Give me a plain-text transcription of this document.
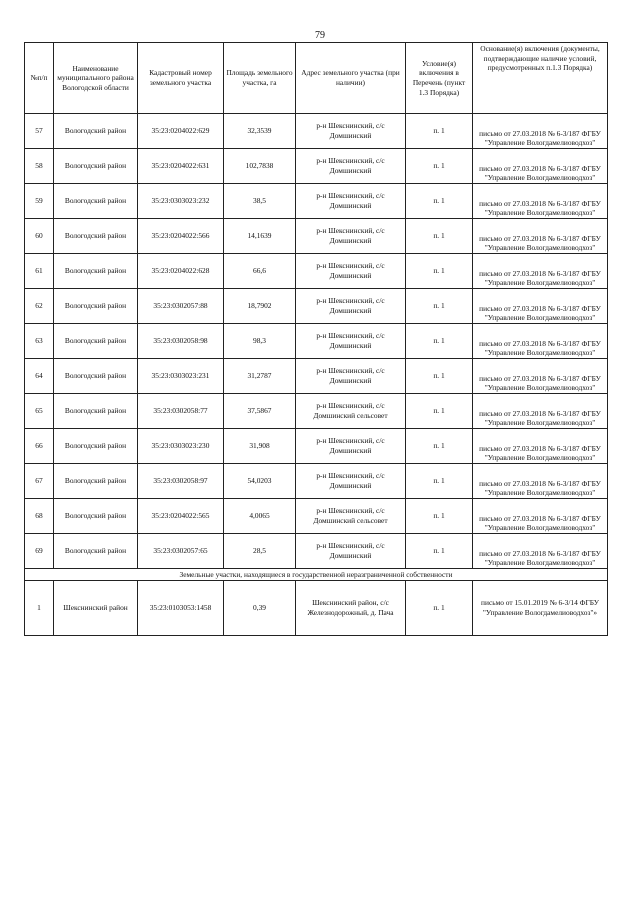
79
№п/п	Наименование муниципального района Вологодской области	Кадастровый номер земельного участка	Площадь земельного участка, га	Адрес земельного участка (при наличии)	Условие(я) включения в Перечень (пункт 1.3 Порядка)	Основание(я) включения (документы, подтверждающие наличие условий, предусмотренных п.1.3 Порядка)

57	Вологодский район	35:23:0204022:629	32,3539	р-н Шекснинский, с/с Домшинский	п. 1	письмо от 27.03.2018 № 6-3/187 ФГБУ "Управление Вологдамелиоводхоз"

58	Вологодский район	35:23:0204022:631	102,7838	р-н Шекснинский, с/с Домшинский	п. 1	письмо от 27.03.2018 № 6-3/187 ФГБУ "Управление Вологдамелиоводхоз"

59	Вологодский район	35:23:0303023:232	38,5	р-н Шекснинский, с/с Домшинский	п. 1	письмо от 27.03.2018 № 6-3/187 ФГБУ "Управление Вологдамелиоводхоз"

60	Вологодский район	35:23:0204022:566	14,1639	р-н Шекснинский, с/с Домшинский	п. 1	письмо от 27.03.2018 № 6-3/187 ФГБУ "Управление Вологдамелиоводхоз"

61	Вологодский район	35:23:0204022:628	66,6	р-н Шекснинский, с/с Домшинский	п. 1	письмо от 27.03.2018 № 6-3/187 ФГБУ "Управление Вологдамелиоводхоз"

62	Вологодский район	35:23:0302057:88	18,7902	р-н Шекснинский, с/с Домшинский	п. 1	письмо от 27.03.2018 № 6-3/187 ФГБУ "Управление Вологдамелиоводхоз"

63	Вологодский район	35:23:0302058:98	98,3	р-н Шекснинский, с/с Домшинский	п. 1	письмо от 27.03.2018 № 6-3/187 ФГБУ "Управление Вологдамелиоводхоз"

64	Вологодский район	35:23:0303023:231	31,2787	р-н Шекснинский, с/с Домшинский	п. 1	письмо от 27.03.2018 № 6-3/187 ФГБУ "Управление Вологдамелиоводхоз"

65	Вологодский район	35:23:0302058:77	37,5867	р-н Шекснинский, с/с Домшинский сельсовет	п. 1	письмо от 27.03.2018 № 6-3/187 ФГБУ "Управление Вологдамелиоводхоз"

66	Вологодский район	35:23:0303023:230	31,908	р-н Шекснинский, с/с Домшинский	п. 1	письмо от 27.03.2018 № 6-3/187 ФГБУ "Управление Вологдамелиоводхоз"

67	Вологодский район	35:23:0302058:97	54,0203	р-н Шекснинский, с/с Домшинский	п. 1	письмо от 27.03.2018 № 6-3/187 ФГБУ "Управление Вологдамелиоводхоз"

68	Вологодский район	35:23:0204022:565	4,0065	р-н Шекснинский, с/с Домшинский сельсовет	п. 1	письмо от 27.03.2018 № 6-3/187 ФГБУ "Управление Вологдамелиоводхоз"

69	Вологодский район	35:23:0302057:65	28,5	р-н Шекснинский, с/с Домшинский	п. 1	письмо от 27.03.2018 № 6-3/187 ФГБУ "Управление Вологдамелиоводхоз"

Земельные участки, находящиеся в государственной неразграниченной собственности						
1	Шекснинский район	35:23:0103053:1458	0,39	Шекснинский район, с/с Железнодорожный, д. Пача	п. 1	письмо от 15.01.2019 № 6-3/14 ФГБУ "Управление Вологдамелиоводхоз"»
